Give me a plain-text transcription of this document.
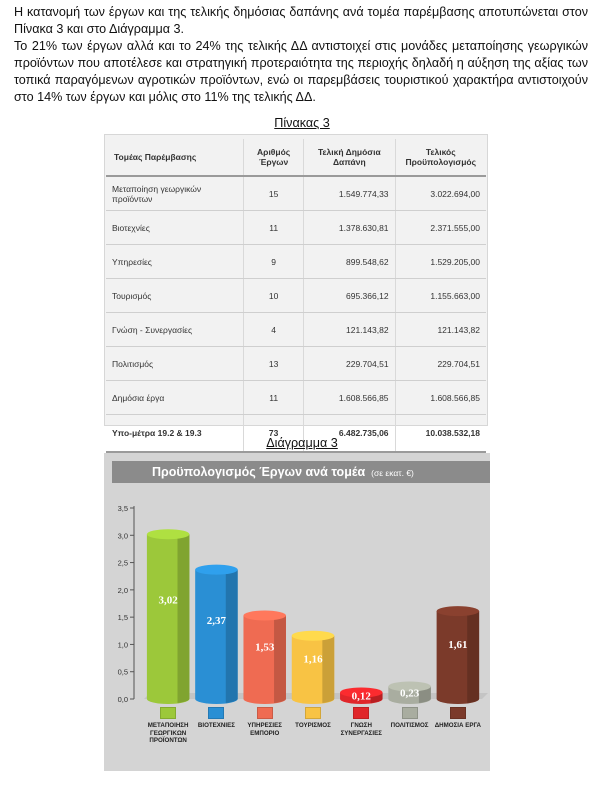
Η κατανομή των έργων και της τελικής δημόσιας δαπάνης ανά τομέα παρέμβασης αποτυπώνεται στον Πίνακα 3 και στο Διάγραμμα 3.

Το 21% των έργων αλλά και το 24% της τελικής ΔΔ αντιστοιχεί στις μονάδες μεταποίησης γεωργικών προϊόντων που αποτέλεσε και στρατηγική προτεραιότητα της περιοχής δηλαδή η αύξηση της αξίας των τοπικά παραγόμενων αγροτικών προϊόντων, ενώ οι παρεμβάσεις τουριστικού χαρακτήρα αντιστοιχούν στο 14% των έργων και μόλις στο 11% της τελικής ΔΔ.

Πίνακας 3
Τομέας Παρέμβασης	Αριθμός Έργων	Τελική Δημόσια Δαπάνη	Τελικός Προϋπολογισμός
Μεταποίηση γεωργικών προϊόντων	15	1.549.774,33	3.022.694,00
Βιοτεχνίες	11	1.378.630,81	2.371.555,00
Υπηρεσίες	9	899.548,62	1.529.205,00
Τουρισμός	10	695.366,12	1.155.663,00
Γνώση - Συνεργασίες	4	121.143,82	121.143,82
Πολιτισμός	13	229.704,51	229.704,51
Δημόσια έργα	11	1.608.566,85	1.608.566,85
Υπο-μέτρα 19.2 & 19.3	73	6.482.735,06	10.038.532,18
Διάγραμμα 3
Προϋπολογισμός Έργων ανά τομέα (σε εκατ. €)
0,0
0,5
1,0
1,5
2,0
2,5
3,0
3,5
3,02
2,37
1,53
1,16
0,12	0,23
1,61
ΜΕΤΑΠΟΙΗΣΗ ΓΕΩΡΓΙΚΩΝ ΠΡΟΪΟΝΤΩΝ
ΒΙΟΤΕΧΝΙΕΣ	ΥΠΗΡΕΣΙΕΣ ΕΜΠΟΡΙΟ
ΤΟΥΡΙΣΜΟΣ	ΓΝΩΣΗ ΣΥΝΕΡΓΑΣΙΕΣ
ΠΟΛΙΤΙΣΜΟΣ	ΔΗΜΟΣΙΑ ΕΡΓΑ
